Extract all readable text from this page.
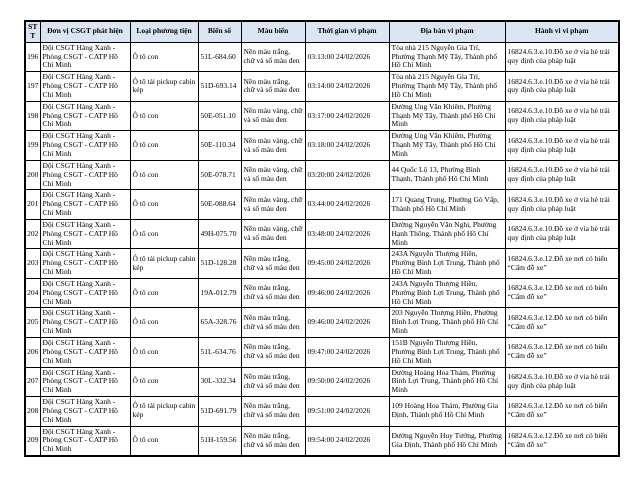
STT	Đơn vị CSGT phát hiện	Loại phương tiện	Biển số	Màu biển	Thời gian vi phạm	Địa bàn vi phạm	Hành vi vi phạm
196	Đội CSGT Hàng Xanh - Phòng CSGT - CATP Hồ Chí Minh	Ô tô con	51L-684.60	Nền màu trắng, chữ và số màu đen	03:13:00 24/02/2026	Tòa nhà 215 Nguyễn Gia Trí, Phường Thạnh Mỹ Tây, Thành phố Hồ Chí Minh	16824.6.3.e.10.Đỗ xe ở vỉa hè trái quy định của pháp luật
197	Đội CSGT Hàng Xanh - Phòng CSGT - CATP Hồ Chí Minh	Ô tô tải pickup cabin kép	51D-693.14	Nền màu trắng, chữ và số màu đen	03:14:00 24/02/2026	Tòa nhà 215 Nguyễn Gia Trí, Phường Thạnh Mỹ Tây, Thành phố Hồ Chí Minh	16824.6.3.e.10.Đỗ xe ở vỉa hè trái quy định của pháp luật
198	Đội CSGT Hàng Xanh - Phòng CSGT - CATP Hồ Chí Minh	Ô tô con	50E-051.10	Nền màu vàng, chữ và số màu đen	03:17:00 24/02/2026	Đường Ung Văn Khiêm, Phường Thạnh Mỹ Tây, Thành phố Hồ Chí Minh	16824.6.3.e.10.Đỗ xe ở vỉa hè trái quy định của pháp luật
199	Đội CSGT Hàng Xanh - Phòng CSGT - CATP Hồ Chí Minh	Ô tô con	50E-110.34	Nền màu vàng, chữ và số màu đen	03:18:00 24/02/2026	Đường Ung Văn Khiêm, Phường Thạnh Mỹ Tây, Thành phố Hồ Chí Minh	16824.6.3.e.10.Đỗ xe ở vỉa hè trái quy định của pháp luật
200	Đội CSGT Hàng Xanh - Phòng CSGT - CATP Hồ Chí Minh	Ô tô con	50E-078.71	Nền màu vàng, chữ và số màu đen	03:20:00 24/02/2026	44 Quốc Lộ 13, Phường Bình Thạnh, Thành phố Hồ Chí Minh	16824.6.3.e.10.Đỗ xe ở vỉa hè trái quy định của pháp luật
201	Đội CSGT Hàng Xanh - Phòng CSGT - CATP Hồ Chí Minh	Ô tô con	50E-088.64	Nền màu vàng, chữ và số màu đen	03:44:00 24/02/2026	171 Quang Trung, Phường Gò Vấp, Thành phố Hồ Chí Minh	16824.6.3.e.10.Đỗ xe ở vỉa hè trái quy định của pháp luật
202	Đội CSGT Hàng Xanh - Phòng CSGT - CATP Hồ Chí Minh	Ô tô con	49H-075.70	Nền màu vàng, chữ và số màu đen	03:48:00 24/02/2026	Đường Nguyễn Văn Nghi, Phường Hạnh Thông, Thành phố Hồ Chí Minh	16824.6.3.e.10.Đỗ xe ở vỉa hè trái quy định của pháp luật
203	Đội CSGT Hàng Xanh - Phòng CSGT - CATP Hồ Chí Minh	Ô tô tải pickup cabin kép	51D-128.28	Nền màu trắng, chữ và số màu đen	09:45:00 24/02/2026	243A Nguyễn Thượng Hiền, Phường Bình Lợi Trung, Thành phố Hồ Chí Minh	16824.6.3.e.12.Đỗ xe nơi có biển “Cấm đỗ xe”
204	Đội CSGT Hàng Xanh - Phòng CSGT - CATP Hồ Chí Minh	Ô tô con	19A-012.79	Nền màu trắng, chữ và số màu đen	09:46:00 24/02/2026	243A Nguyễn Thượng Hiền, Phường Bình Lợi Trung, Thành phố Hồ Chí Minh	16824.6.3.e.12.Đỗ xe nơi có biển “Cấm đỗ xe”
205	Đội CSGT Hàng Xanh - Phòng CSGT - CATP Hồ Chí Minh	Ô tô con	65A-328.76	Nền màu trắng, chữ và số màu đen	09:46:00 24/02/2026	203 Nguyễn Thượng Hiền, Phường Bình Lợi Trung, Thành phố Hồ Chí Minh	16824.6.3.e.12.Đỗ xe nơi có biển “Cấm đỗ xe”
206	Đội CSGT Hàng Xanh - Phòng CSGT - CATP Hồ Chí Minh	Ô tô con	51L-634.76	Nền màu trắng, chữ và số màu đen	09:47:00 24/02/2026	151B Nguyễn Thượng Hiền, Phường Bình Lợi Trung, Thành phố Hồ Chí Minh	16824.6.3.e.12.Đỗ xe nơi có biển “Cấm đỗ xe”
207	Đội CSGT Hàng Xanh - Phòng CSGT - CATP Hồ Chí Minh	Ô tô con	30L-332.34	Nền màu trắng, chữ và số màu đen	09:50:00 24/02/2026	Đường Hoàng Hoa Thám, Phường Bình Lợi Trung, Thành phố Hồ Chí Minh	16824.6.3.e.10.Đỗ xe ở vỉa hè trái quy định của pháp luật
208	Đội CSGT Hàng Xanh - Phòng CSGT - CATP Hồ Chí Minh	Ô tô tải pickup cabin kép	51D-691.79	Nền màu trắng, chữ và số màu đen	09:51:00 24/02/2026	109 Hoàng Hoa Thám, Phường Gia Định, Thành phố Hồ Chí Minh	16824.6.3.e.12.Đỗ xe nơi có biển “Cấm đỗ xe”
209	Đội CSGT Hàng Xanh - Phòng CSGT - CATP Hồ Chí Minh	Ô tô con	51H-159.56	Nền màu trắng, chữ và số màu đen	09:54:00 24/02/2026	Đường Nguyễn Huy Tưởng, Phường Gia Định, Thành phố Hồ Chí Minh	16824.6.3.e.12.Đỗ xe nơi có biển “Cấm đỗ xe”
